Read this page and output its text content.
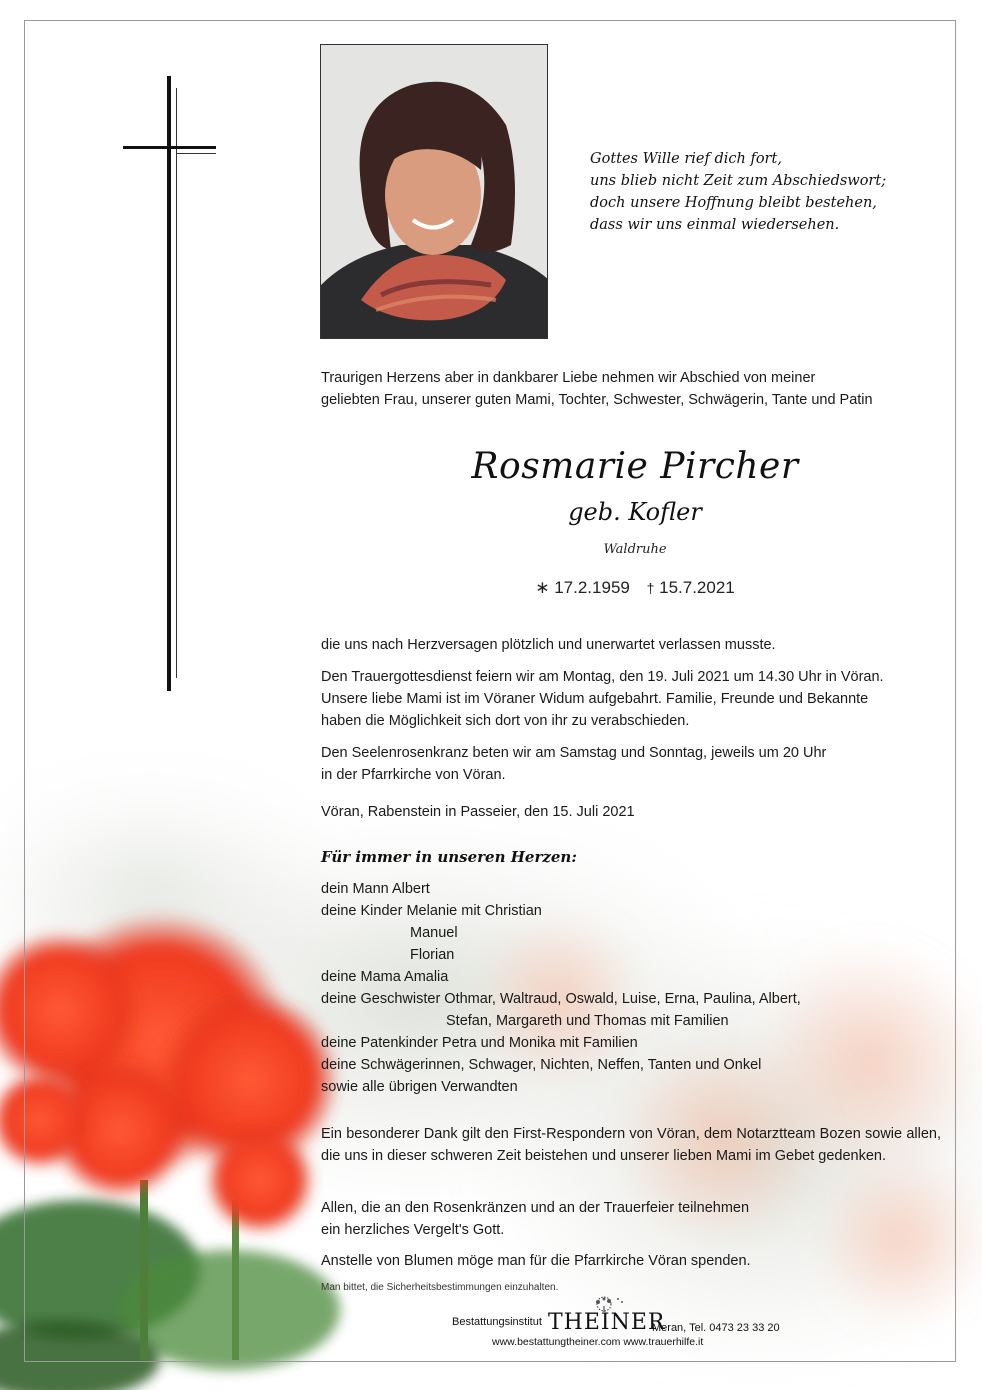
Gottes Wille rief dich fort,
uns blieb nicht Zeit zum Abschiedswort;
doch unsere Hoffnung bleibt bestehen,
dass wir uns einmal wiedersehen.
Traurigen Herzens aber in dankbarer Liebe nehmen wir Abschied von meiner
geliebten Frau, unserer guten Mami, Tochter, Schwester, Schwägerin, Tante und Patin
Rosmarie Pircher
geb. Kofler
Waldruhe
∗ 17.2.1959 † 15.7.2021
die uns nach Herzversagen plötzlich und unerwartet verlassen musste.
Den Trauergottesdienst feiern wir am Montag, den 19. Juli 2021 um 14.30 Uhr in Vöran.
Unsere liebe Mami ist im Vöraner Widum aufgebahrt. Familie, Freunde und Bekannte
haben die Möglichkeit sich dort von ihr zu verabschieden.
Den Seelenrosenkranz beten wir am Samstag und Sonntag, jeweils um 20 Uhr
in der Pfarrkirche von Vöran.
Vöran, Rabenstein in Passeier, den 15. Juli 2021
Für immer in unseren Herzen:
dein Mann Albert
deine Kinder Melanie mit Christian
Manuel
Florian
deine Mama Amalia
deine Geschwister Othmar, Waltraud, Oswald, Luise, Erna, Paulina, Albert,
Stefan, Margareth und Thomas mit Familien
deine Patenkinder Petra und Monika mit Familien
deine Schwägerinnen, Schwager, Nichten, Neffen, Tanten und Onkel
sowie alle übrigen Verwandten
Ein besonderer Dank gilt den First-Respondern von Vöran, dem Notarztteam Bozen sowie allen, die uns in dieser schweren Zeit beistehen und unserer lieben Mami im Gebet gedenken.
Allen, die an den Rosenkränzen und an der Trauerfeier teilnehmen
ein herzliches Vergelt's Gott.
Anstelle von Blumen möge man für die Pfarrkirche Vöran spenden.
Man bittet, die Sicherheitsbestimmungen einzuhalten.
Bestattungsinstitut THEINER
Meran, Tel. 0473 23 33 20
www.bestattungtheiner.com www.trauerhilfe.it
